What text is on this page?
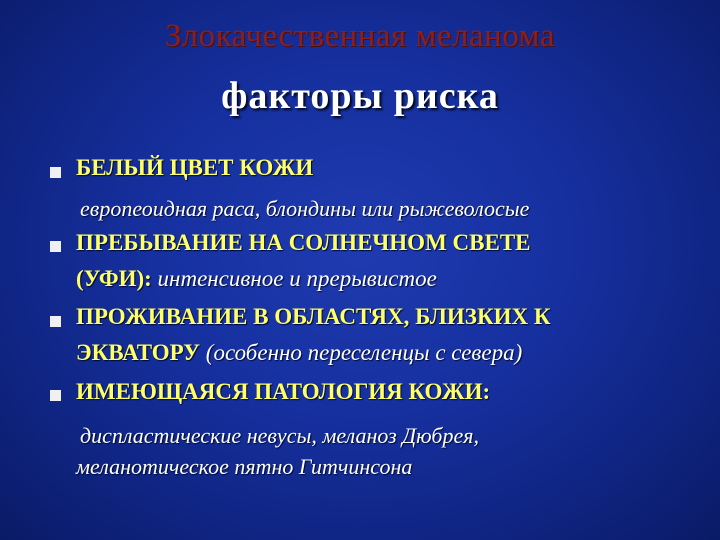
Злокачественная меланома
факторы риска
БЕЛЫЙ ЦВЕТ КОЖИ
европеоидная раса, блондины или рыжеволосые
ПРЕБЫВАНИЕ НА СОЛНЕЧНОМ СВЕТЕ
(УФИ): интенсивное и прерывистое
ПРОЖИВАНИЕ В ОБЛАСТЯХ, БЛИЗКИХ К
ЭКВАТОРУ (особенно переселенцы с севера)
ИМЕЮЩАЯСЯ ПАТОЛОГИЯ КОЖИ:
диспластические невусы, меланоз Дюбрея,
меланотическое пятно Гитчинсона
